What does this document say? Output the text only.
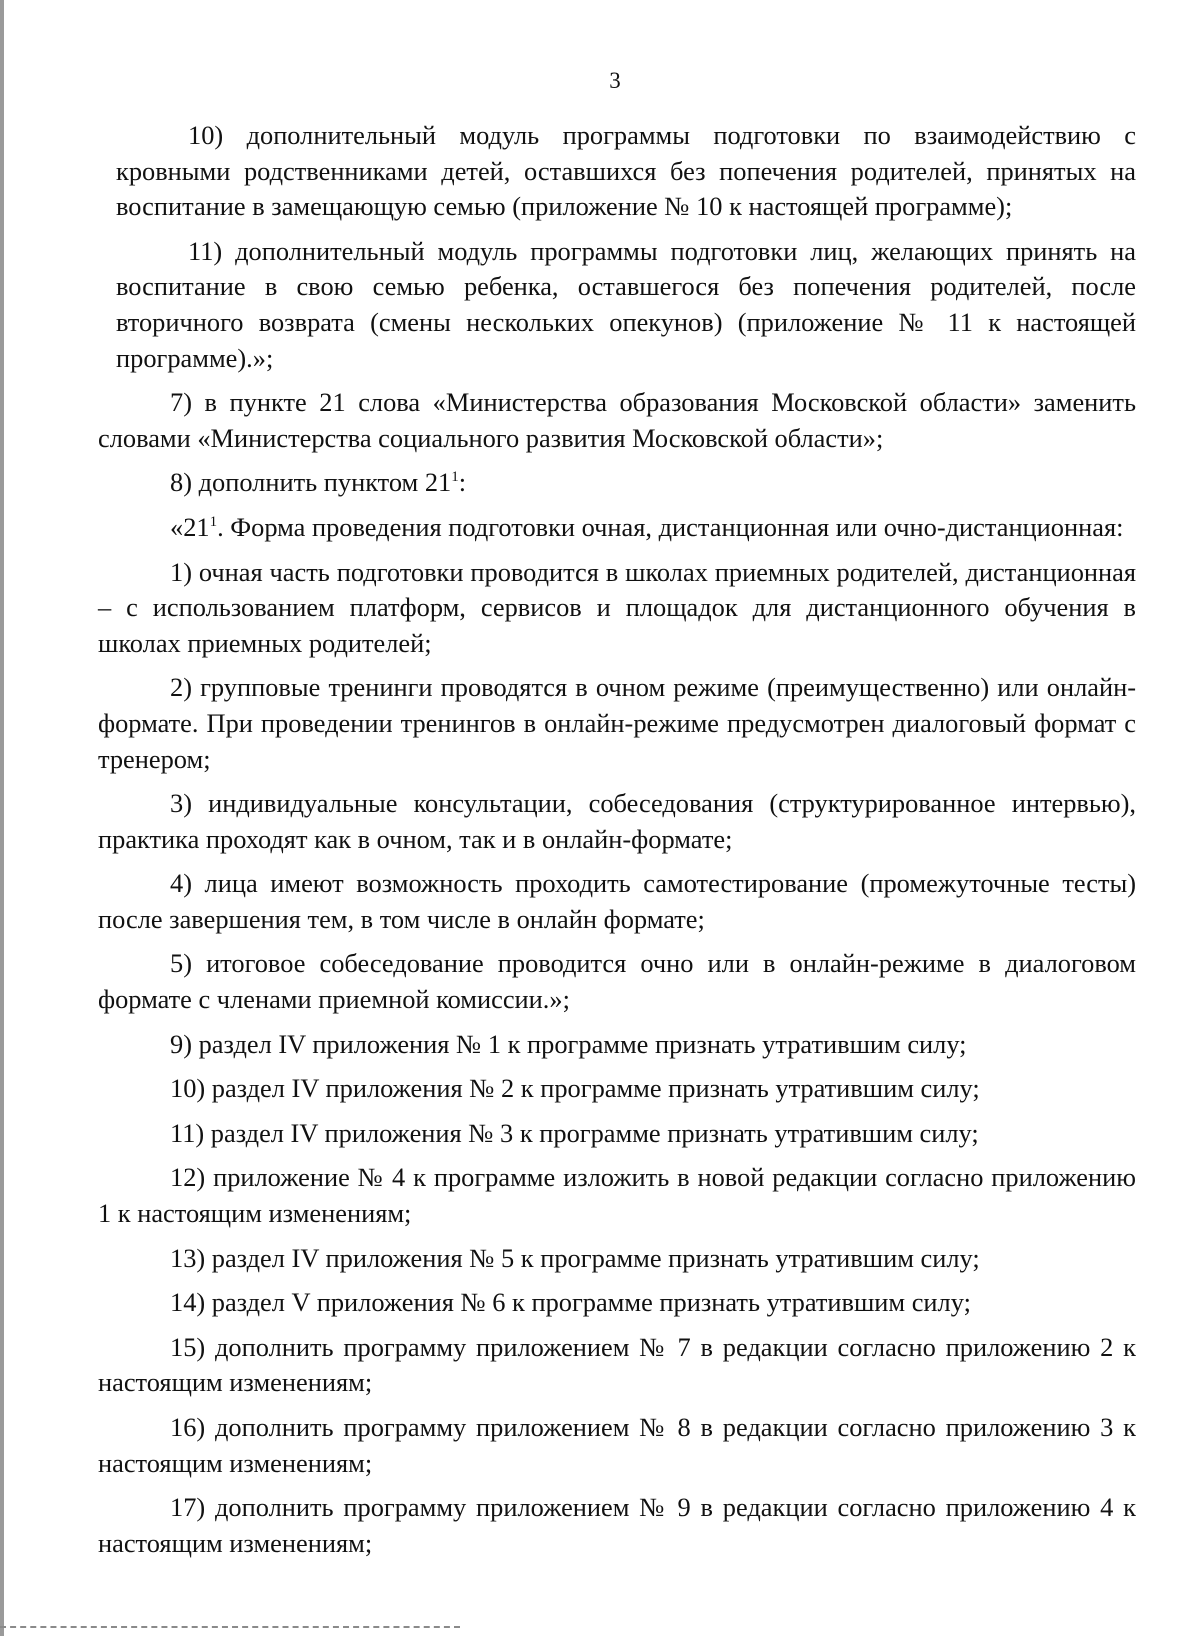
3

10) дополнительный модуль программы подготовки по взаимодействию с кровными родственниками детей, оставшихся без попечения родителей, принятых на воспитание в замещающую семью (приложение № 10 к настоящей программе);

11) дополнительный модуль программы подготовки лиц, желающих принять на воспитание в свою семью ребенка, оставшегося без попечения родителей, после вторичного возврата (смены нескольких опекунов) (приложение № 11 к настоящей программе).»;

7) в пункте 21 слова «Министерства образования Московской области» заменить словами «Министерства социального развития Московской области»;

8) дополнить пунктом $21^1$:

«$21^1$. Форма проведения подготовки очная, дистанционная или очно-дистанционная:

1) очная часть подготовки проводится в школах приемных родителей, дистанционная – с использованием платформ, сервисов и площадок для дистанционного обучения в школах приемных родителей;

2) групповые тренинги проводятся в очном режиме (преимущественно) или онлайн-формате. При проведении тренингов в онлайн-режиме предусмотрен диалоговый формат с тренером;

3) индивидуальные консультации, собеседования (структурированное интервью), практика проходят как в очном, так и в онлайн-формате;

4) лица имеют возможность проходить самотестирование (промежуточные тесты) после завершения тем, в том числе в онлайн формате;

5) итоговое собеседование проводится очно или в онлайн-режиме в диалоговом формате с членами приемной комиссии.»;

9) раздел IV приложения № 1 к программе признать утратившим силу;

10) раздел IV приложения № 2 к программе признать утратившим силу;

11) раздел IV приложения № 3 к программе признать утратившим силу;

12) приложение № 4 к программе изложить в новой редакции согласно приложению 1 к настоящим изменениям;

13) раздел IV приложения № 5 к программе признать утратившим силу;

14) раздел V приложения № 6 к программе признать утратившим силу;

15) дополнить программу приложением № 7 в редакции согласно приложению 2 к настоящим изменениям;

16) дополнить программу приложением № 8 в редакции согласно приложению 3 к настоящим изменениям;

17) дополнить программу приложением № 9 в редакции согласно приложению 4 к настоящим изменениям;
